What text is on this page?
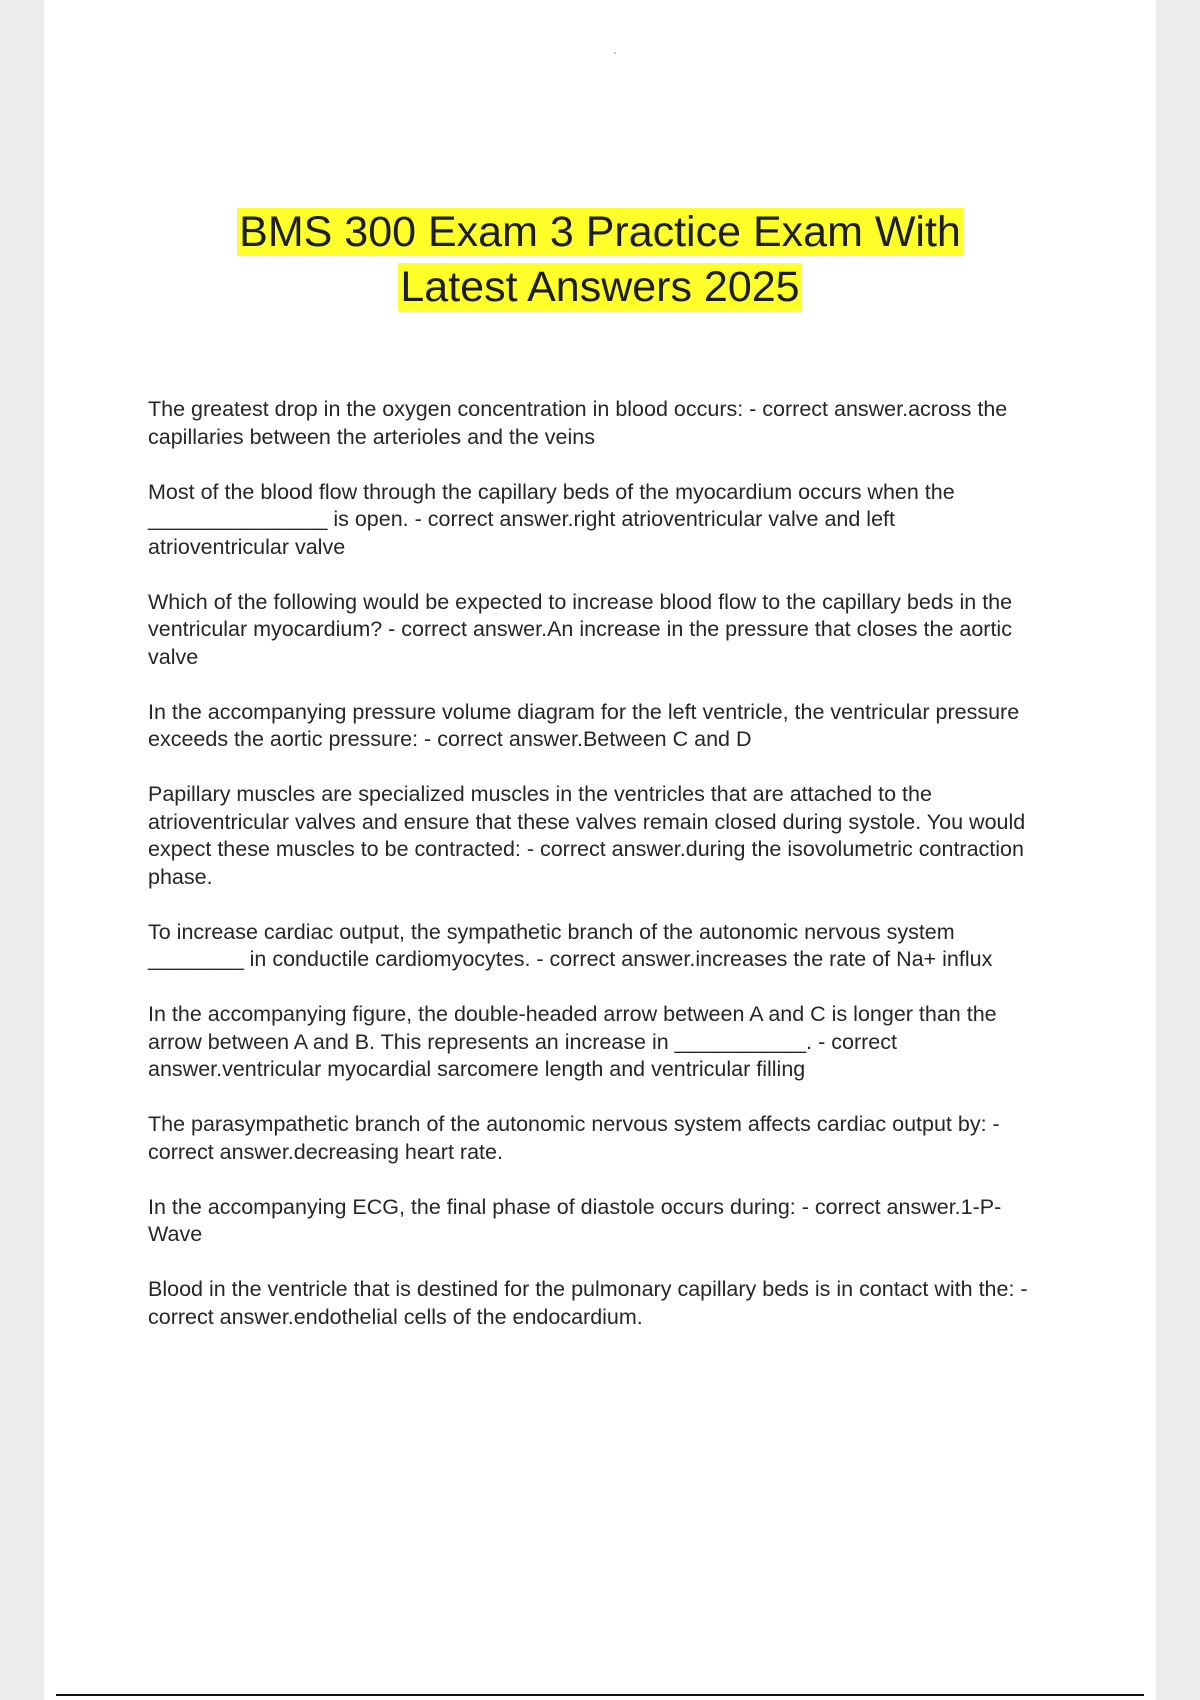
BMS 300 Exam 3 Practice Exam With
Latest Answers 2025

The greatest drop in the oxygen concentration in blood occurs: - correct answer.across the capillaries between the arterioles and the veins

Most of the blood flow through the capillary beds of the myocardium occurs when the _______________ is open. - correct answer.right atrioventricular valve and left atrioventricular valve

Which of the following would be expected to increase blood flow to the capillary beds in the ventricular myocardium? - correct answer.An increase in the pressure that closes the aortic valve

In the accompanying pressure volume diagram for the left ventricle, the ventricular pressure exceeds the aortic pressure: - correct answer.Between C and D

Papillary muscles are specialized muscles in the ventricles that are attached to the atrioventricular valves and ensure that these valves remain closed during systole. You would expect these muscles to be contracted: - correct answer.during the isovolumetric contraction phase.

To increase cardiac output, the sympathetic branch of the autonomic nervous system ________ in conductile cardiomyocytes. - correct answer.increases the rate of Na+ influx

In the accompanying figure, the double-headed arrow between A and C is longer than the arrow between A and B. This represents an increase in ___________. - correct answer.ventricular myocardial sarcomere length and ventricular filling

The parasympathetic branch of the autonomic nervous system affects cardiac output by: - correct answer.decreasing heart rate.

In the accompanying ECG, the final phase of diastole occurs during: - correct answer.1-P-Wave

Blood in the ventricle that is destined for the pulmonary capillary beds is in contact with the: - correct answer.endothelial cells of the endocardium.
